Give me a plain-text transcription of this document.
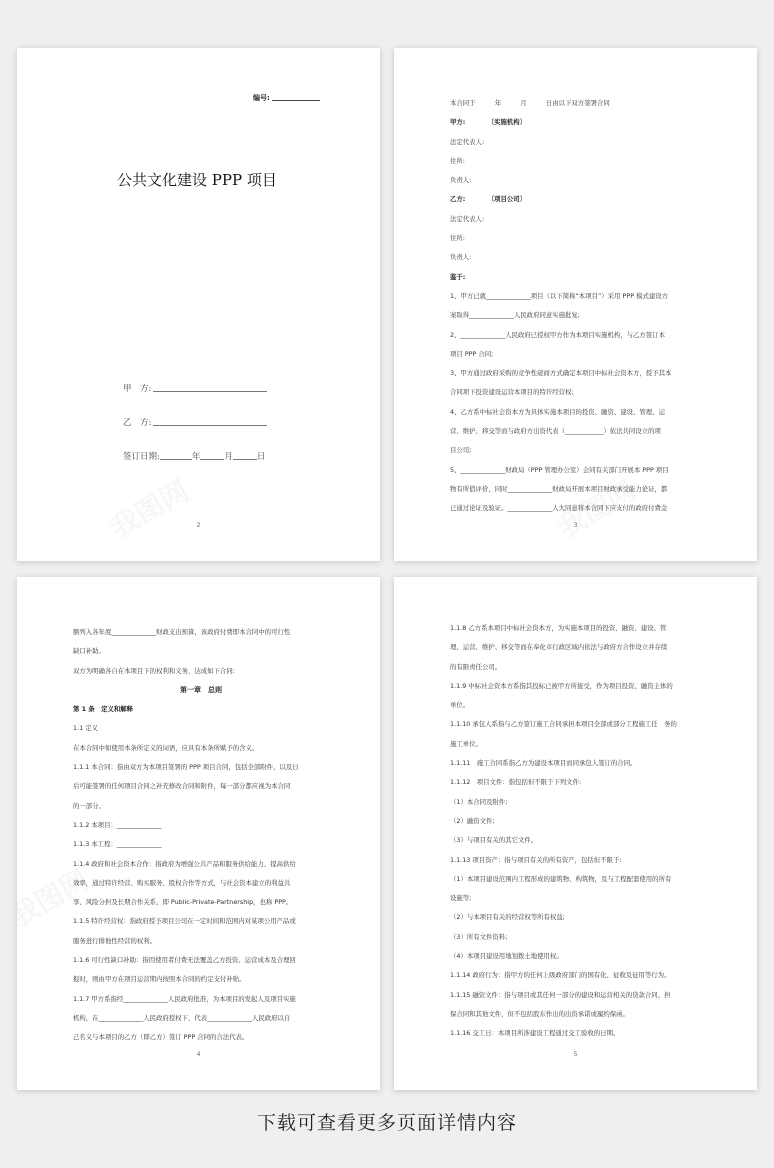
编号:
公共文化建设 PPP 项目
甲　方:
乙　方:
签订日期:	年	月	日
2
本合同于　　　年　　　月　　　日由以下双方签署合同
甲方:　　　　〔实施机构〕
法定代表人:
住所:
负责人:
乙方:　　　　〔项目公司〕
法定代表人:
住所:
负责人:
鉴于:
1、甲方已就______________项目（以下简称“本项目”）采用 PPP 模式建设方
案取得______________人民政府同意实施批复;
2、______________人民政府已授权甲方作为本项目实施机构，与乙方签订本
项目 PPP 合同;
3、甲方通过政府采购的竞争性磋商方式确定本项目中标社会资本方，授予其本
合同项下投资建设运营本项目的特许经营权;
4、乙方系中标社会资本方为具体实施本项目的投资、融资、建设、管理、运
营、维护、移交等而与政府方出资代表（____________）依法共同设立的项
目公司;
5、______________财政局（PPP 管理办公室）会同有关部门开展本 PPP 项目
物有所值评价，同时______________财政局开展本项目财政承受能力论证，都
已通过论证及验证。______________人大同意将本合同下应支付的政府付费金
3
额列入各年度______________财政支出预算，该政府付费即本合同中的可行性
缺口补助。
双方为明确各自在本项目下的权利和义务，达成如下合同:
第一章　总则
第 1 条　定义和解释
1.1 定义
在本合同中如使用本条所定义的词语，应具有本条所赋予的含义。
1.1.1 本合同：指由双方为本项目签署的 PPP 项目合同，包括全部附件，以及日
后可能签署的任何项目合同之补充修改合同和附件，每一部分都应视为本合同
的一部分。
1.1.2 本项目：______________
1.1.3 本工程：______________
1.1.4 政府和社会资本合作：指政府为增强公共产品和服务供给能力、提高供给
效率，通过特许经营、购买服务、股权合作等方式，与社会资本建立的利益共
享、风险分担及长期合作关系，即 Public-Private-Partnership，也称 PPP。
1.1.5 特许经营权：指政府授予项目公司在一定时间和范围内对某项公用产品或
服务进行排他性经营的权利。
1.1.6 可行性缺口补助：指因使用者付费无法覆盖乙方投资、运营成本及合理回
报时，则由甲方在项目运营期内按照本合同的约定支付补贴。
1.1.7 甲方系指经______________人民政府批准，为本项目的发起人及项目实施
机构，在______________人民政府授权下，代表______________人民政府以自
己名义与本项目的乙方（即乙方）签订 PPP 合同的合法代表。
4
1.1.8 乙方系本项目中标社会资本方，为实施本项目的投资、融资、建设、管
理、运营、维护、移交等而在奉化市行政区域内依法与政府方合作设立并存续
的有限责任公司。
1.1.9 中标社会资本方系指其投标已被甲方所接受，作为项目投资、融资主体的
单位。
1.1.10 承包人系指与乙方签订施工合同承担本项目全部或部分工程施工任　务的
施工单位。
1.1.11　施工合同系指乙方为建设本项目而同承包人签订的合同。
1.1.12　项目文件：指包括但不限于下列文件:
（1）本合同及附件;
（2）融资文件;
（3）与项目有关的其它文件。
1.1.13 项目资产：指与项目有关的所有资产，包括但不限于:
（1）本项目建设范围内工程形成的建筑物、构筑物，及与工程配套使用的所有
设施等;
（2）与本项目有关的经营权等所有权益;
（3）所有文件资料;
（4）本项目建设用地划拨土地使用权。
1.1.14 政府行为：指甲方的任何上级政府部门的国有化、征收及征用等行为。
1.1.15 融资文件：指与项目或其任何一部分的建设和运营相关的贷款合同、担
保合同和其他文件，但不包括股东作出的出资承诺或履约保函。
1.1.16 交工日：本项目所涉建设工程通过交工验收的日期。
5
下载可查看更多页面详情内容
